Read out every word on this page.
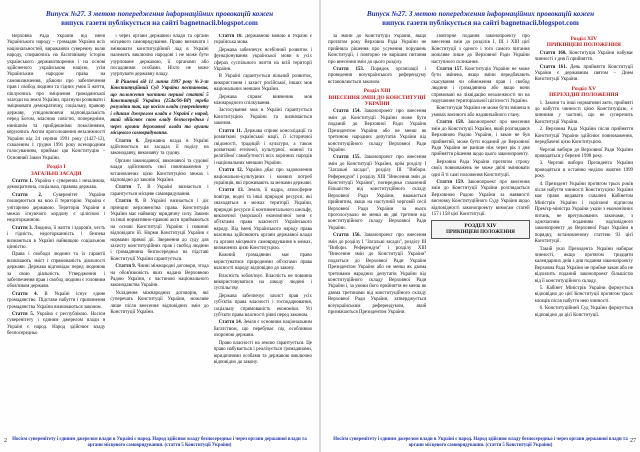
Випуск №27. З метою попередження інформаційних провокацій кожен
випуск газети публікується на сайті bagnetnacii.blogspot.com

Верховна Рада України від імені Українського народу – громадян України всіх національностей, виражаючи суверенну волю народу, спираючись на багатовікову історію українського державотворення і на основі здійсненого українською нацією, усім Українським народом права на самовизначення, дбаючи про забезпечення прав і свобод людини та гідних умов її життя, піклуючись про зміцнення громадянської злагоди на землі України, прагнучи розвивати і зміцнювати демократичну, соціальну, правову державу, усвідомлюючи відповідальність перед Богом, власною совістю, попередніми, нинішнім та прийдешніми поколіннями, керуючись Актом проголошення незалежності України від 24 серпня 1991 року (1427-12), схваленим 1 грудня 1991 року всенародним голосуванням, приймає цю Конституцію – Основний Закон України.

Розділ І
ЗАГАЛЬНІ ЗАСАДИ

Стаття 1. Україна є суверенна і незалежна, демократична, соціальна, правова держава.

Стаття 2. Суверенітет України поширюється на всю її територію. Україна є унітарною державою. Територія України в межах існуючого кордону є цілісною і недоторканною.

Стаття 3. Людина, її життя і здоров'я, честь і гідність, недоторканність і безпека визнаються в Україні найвищою соціальною цінністю.

Права і свободи людини та їх гарантії визначають зміст і спрямованість діяльності держави. Держава відповідає перед людиною за свою діяльність. Утвердження і забезпечення прав і свобод людини є головним обов'язком держави.

Стаття 4. В Україні існує єдине громадянство. Підстави набуття і припинення громадянства України визначаються законом.

Стаття 5. Україна є республікою. Носієм суверенітету і єдиним джерелом влади в Україні є народ. Народ здійснює владу безпосередньо

і через органи державної влади та органи місцевого самоврядування. Право визначати і змінювати конституційний лад в Україні належить виключно народові і не може бути узурповане державою, її органами або посадовими особами. Ніхто не може узурпувати державну владу.

В Рішенні від 11 липня 1997 року №3-зп Конституційний Суд України постановив, що положення частини першої статті 5 Конституції України (254к/96-ВР) треба розуміти так, що носієм влади суверенітету і єдиним джерелом влади в Україні є народ, який здійснює свою владу безпосередньо і через органи державної влади та органи місцевого самоврядування.

Стаття 6. Державна влада в Україні здійснюється на засадах її поділу на законодавчу, виконавчу та судову.

Органи законодавчої, виконавчої та судової влади здійснюють свої повноваження у встановлених цією Конституцією межах і відповідно до законів України.

Стаття 7. В Україні визнається і гарантується місцеве самоврядування.

Стаття 8. В Україні визнається і діє принцип верховенства права. Конституція України має найвищу юридичну силу. Закони та інші нормативно-правові акти приймаються на основі Конституції України і повинні відповідати їй. Норми Конституції України є нормами прямої дії. Звернення до суду для захисту конституційних прав і свобод людини і громадянина безпосередньо на підставі Конституції України гарантується.

Стаття 9. Чинні міжнародні договори, згода на обов'язковість яких надана Верховною Радою України, є частиною національного законодавства України.

Укладення міжнародних договорів, які суперечать Конституції України, можливе лише після внесення відповідних змін до Конституції України.

Стаття 10. Державною мовою в Україні є українська мова.

Держава забезпечує всебічний розвиток і функціонування української мови в усіх сферах суспільного життя на всій території України.

В Україні гарантується вільний розвиток, використання і захист російської, інших мов національних меншин України.

Держава сприяє вивченню мов міжнародного спілкування.

Застосування мов в Україні гарантується Конституцією України та визначається законом.

Стаття 11. Держава сприяє консолідації та розвиткові української нації, її історичної свідомості, традицій і культури, а також розвиткові етнічної, культурної, мовної та релігійної самобутності всіх корінних народів і національних меншин України.

Стаття 12. Україна дбає про задоволення національно-культурних і мовних потреб українців, які проживають за межами держави.

Стаття 13. Земля, її надра, атмосферне повітря, водні та інші природні ресурси, які знаходяться в межах території України, природні ресурси її континентального шельфу, виключної (морської) економічної зони є об'єктами права власності Українського народу. Від імені Українського народу права власника здійснюють органи державної влади та органи місцевого самоврядування в межах, визначених цією Конституцією.

Кожний громадянин має право користуватися природними об'єктами права власності народу відповідно до закону.

Власність зобов'язує. Власність не повинна використовуватися на шкоду людині і суспільству.

Держава забезпечує захист прав усіх суб'єктів права власності і господарювання, соціальну спрямованість економіки. Усі суб'єкти права власності рівні перед законом.

Стаття 14. Земля є основним національним багатством, що перебуває під особливою охороною держави.

Право власності на землю гарантується. Це право набувається і реалізується громадянами, юридичними особами та державою виключно відповідно до закону.

2 Носієм суверенітету і єдиним джерелом влади в Україні є народ. Народ здійснює владу безпосередньо і через органи державної влади та органи місцевого самоврядування. (стаття 5 Конституції України)
Випуск №27. З метою попередження інформаційних провокацій кожен
випуск газети публікується на сайті bagnetnacii.blogspot.com

за зміни до Конституції України, якщо протягом року Верховна Рада України не прийняла рішення про усунення порушень Конституції, і повторно не вирішив питання про внесення змін до цього розділу.

Стаття 153. Порядок організації і проведення всеукраїнського референдуму встановлюється законом.

Розділ XIII
ВНЕСЕННЯ ЗМІН ДО КОНСТИТУЦІЇ УКРАЇНИ

Стаття 154. Законопроект про внесення змін до Конституції України може бути поданий до Верховної Ради України Президентом України або не менш як третиною народних депутатів України від конституційного складу Верховної Ради України.

Стаття 155. Законопроект про внесення змін до Конституції України, крім розділу I "Загальні засади", розділу III "Вибори. Референдум" і розділу XIII "Внесення змін до Конституції України", попередньо схвалений більшістю від конституційного складу Верховної Ради України, вважається прийнятим, якщо на наступній черговій сесії Верховної Ради України за нього проголосувало не менш як дві третини від конституційного складу Верховної Ради України.

Стаття 156. Законопроект про внесення змін до розділу I "Загальні засади", розділу III "Вибори. Референдум" і розділу XIII "Внесення змін до Конституції України" подається до Верховної Ради України Президентом України або не менш як двома третинами народних депутатів України від конституційного складу Верховної Ради України і, за умови його прийняття не менш як двома третинами від конституційного складу Верховної Ради України, затверджується всеукраїнським референдумом, який призначається Президентом України.

Повторне подання законопроекту про внесення змін до розділів I, III і XIII цієї Конституції з одного і того самого питання можливе лише до Верховної Ради України наступного скликання.

Стаття 157. Конституція України не може бути змінена, якщо зміни передбачають скасування чи обмеження прав і свобод людини і громадянина або якщо вони спрямовані на ліквідацію незалежності чи на порушення територіальної цілісності України.

Конституція України не може бути змінена в умовах воєнного або надзвичайного стану.

Стаття 158. Законопроект про внесення змін до Конституції України, який розглядався Верховною Радою України, і закон не був прийнятий, може бути поданий до Верховної Ради України не раніше ніж через рік з дня прийняття рішення щодо цього законопроекту.

Верховна Рада України протягом строку своїх повноважень не може двічі змінювати одні й ті самі положення Конституції.

Стаття 159. Законопроект про внесення змін до Конституції України розглядається Верховною Радою України за наявності висновку Конституційного Суду України щодо відповідності законопроекту вимогам статей 157 і 158 цієї Конституції.

РОЗДІЛ XIV
ПРИКІНЦЕВІ ПОЛОЖЕННЯ
Розділ XIV
ПРИКІНЦЕВІ ПОЛОЖЕННЯ

Стаття 160. Конституція України набуває чинності з дня її прийняття.

Стаття 161. День прийняття Конституції України є державним святом – Днем Конституції України.

Розділ XV
ПЕРЕХІДНІ ПОЛОЖЕННЯ

1. Закони та інші нормативні акти, прийняті до набуття чинності цією Конституцією, є чинними у частині, що не суперечить Конституції України.

2. Верховна Рада України після прийняття Конституції України здійснює повноваження, передбачені цією Конституцією.

Чергові вибори до Верховної Ради України проводяться у березні 1998 року.

3. Чергові вибори Президента України проводяться в останню неділю жовтня 1999 року.

4. Президент України протягом трьох років після набуття чинності Конституцією України має право видавати схвалені Кабінетом Міністрів України і скріплені підписом Прем'єр-міністра України укази з економічних питань, не врегульованих законами, з одночасним поданням відповідного законопроекту до Верховної Ради України в порядку, встановленому статтею 93 цієї Конституції.

Такий указ Президента України набирає чинності, якщо протягом тридцяти календарних днів з дня подання законопроекту Верховна Рада України не прийме закон або не відхилить поданий законопроект більшістю від її конституційного складу.

5. Кабінет Міністрів України формується відповідно до цієї Конституції протягом трьох місяців після набуття нею чинності.

6. Конституційний Суд України формується відповідно до цієї Конституції.

27
Носієм суверенітету і єдиним джерелом влади в Україні є народ. Народ здійснює владу безпосередньо і через органи державної влади та органи місцевого самоврядування. (стаття 5 Конституції України)
